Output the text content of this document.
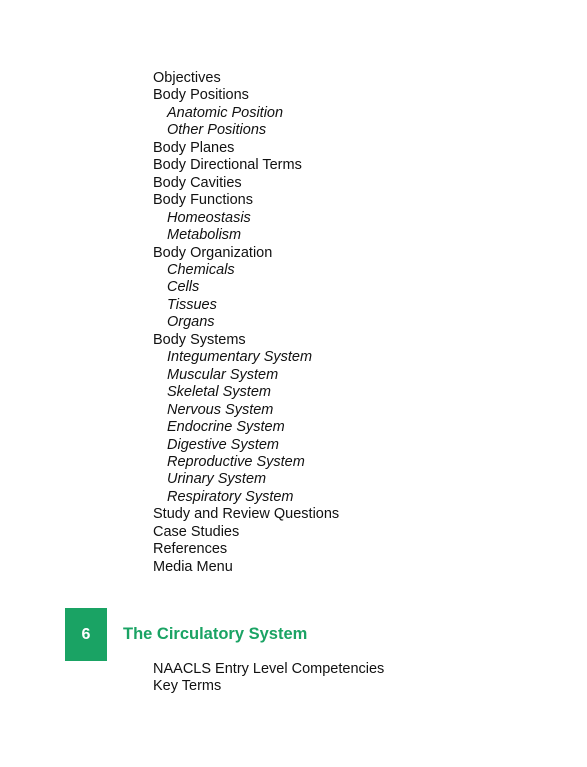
Objectives
Body Positions
Anatomic Position
Other Positions
Body Planes
Body Directional Terms
Body Cavities
Body Functions
Homeostasis
Metabolism
Body Organization
Chemicals
Cells
Tissues
Organs
Body Systems
Integumentary System
Muscular System
Skeletal System
Nervous System
Endocrine System
Digestive System
Reproductive System
Urinary System
Respiratory System
Study and Review Questions
Case Studies
References
Media Menu
6	The Circulatory System
NAACLS Entry Level Competencies
Key Terms
